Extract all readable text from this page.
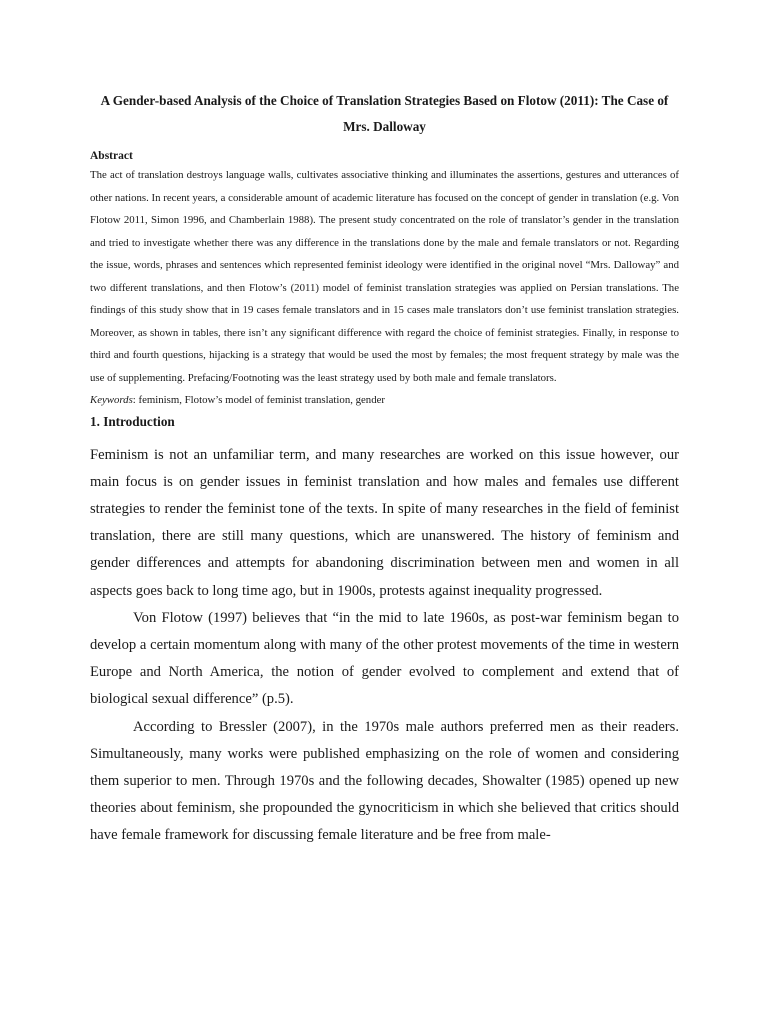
A Gender-based Analysis of the Choice of Translation Strategies Based on Flotow (2011): The Case of Mrs. Dalloway
Abstract

The act of translation destroys language walls, cultivates associative thinking and illuminates the assertions, gestures and utterances of other nations. In recent years, a considerable amount of academic literature has focused on the concept of gender in translation (e.g. Von Flotow 2011, Simon 1996, and Chamberlain 1988). The present study concentrated on the role of translator’s gender in the translation and tried to investigate whether there was any difference in the translations done by the male and female translators or not. Regarding the issue, words, phrases and sentences which represented feminist ideology were identified in the original novel “Mrs. Dalloway” and two different translations, and then Flotow’s (2011) model of feminist translation strategies was applied on Persian translations. The findings of this study show that in 19 cases female translators and in 15 cases male translators don’t use feminist translation strategies. Moreover, as shown in tables, there isn’t any significant difference with regard the choice of feminist strategies. Finally, in response to third and fourth questions, hijacking is a strategy that would be used the most by females; the most frequent strategy by male was the use of supplementing. Prefacing/Footnoting was the least strategy used by both male and female translators.

Keywords: feminism, Flotow’s model of feminist translation, gender

1. Introduction

Feminism is not an unfamiliar term, and many researches are worked on this issue however, our main focus is on gender issues in feminist translation and how males and females use different strategies to render the feminist tone of the texts. In spite of many researches in the field of feminist translation, there are still many questions, which are unanswered. The history of feminism and gender differences and attempts for abandoning discrimination between men and women in all aspects goes back to long time ago, but in 1900s, protests against inequality progressed.

Von Flotow (1997) believes that “in the mid to late 1960s, as post-war feminism began to develop a certain momentum along with many of the other protest movements of the time in western Europe and North America, the notion of gender evolved to complement and extend that of biological sexual difference” (p.5).

According to Bressler (2007), in the 1970s male authors preferred men as their readers. Simultaneously, many works were published emphasizing on the role of women and considering them superior to men. Through 1970s and the following decades, Showalter (1985) opened up new theories about feminism, she propounded the gynocriticism in which she believed that critics should have female framework for discussing female literature and be free from male-
